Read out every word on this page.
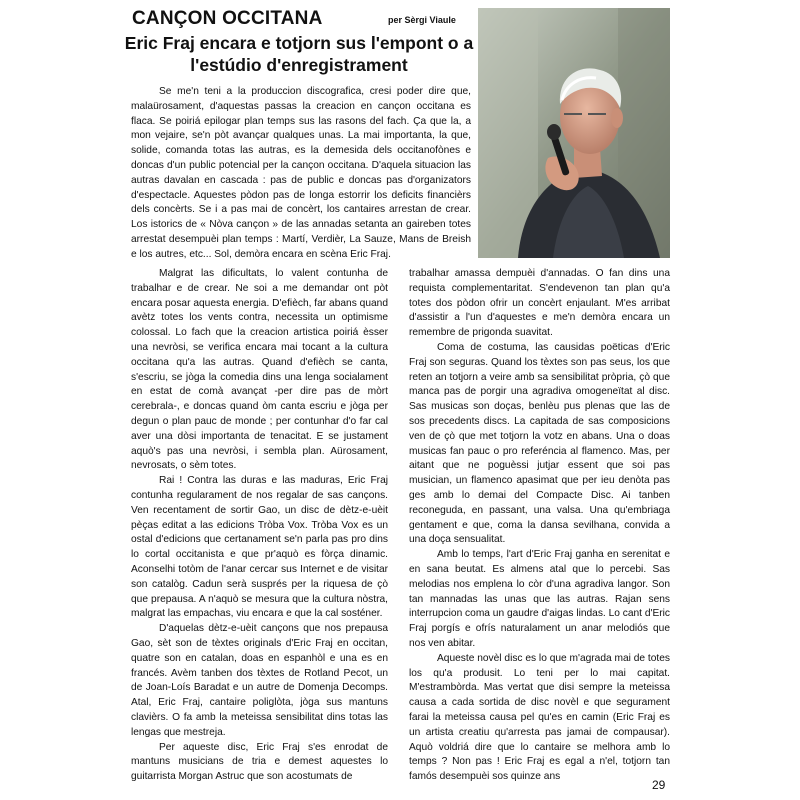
CANÇON OCCITANA	per Sèrgi Viaule
Eric Fraj encara e totjorn sus l'empont o a l'estúdio d'enregistrament

Se me'n teni a la produccion discografica, cresi poder dire que, malaürosament, d'aquestas passas la creacion en cançon occitana es flaca. Se poiriá epilogar plan temps sus las rasons del fach. Ça que la, a mon vejaire, se'n pòt avançar qualques unas. La mai importanta, la que, solide, comanda totas las autras, es la demesida dels occitanofònes e doncas d'un public potencial per la cançon occitana. D'aquela situacion las autras davalan en cascada : pas de public e doncas pas d'organizators d'espectacle. Aquestes pòdon pas de longa estorrir los deficits financièrs dels concèrts. Se i a pas mai de concèrt, los cantaires arrestan de crear. Los istorics de « Nòva cançon » de las annadas setanta an gaireben totes arrestat desempuèi plan temps : Martí, Verdièr, La Sauze, Mans de Breish e los autres, etc... Sol, demòra encara en scèna Eric Fraj.

Malgrat las dificultats, lo valent contunha de trabalhar e de crear. Ne soi a me demandar ont pòt encara posar aquesta energia. D'efièch, far abans quand avètz totes los vents contra, necessita un optimisme colossal. Lo fach que la creacion artistica poiriá èsser una nevròsi, se verifica encara mai tocant a la cultura occitana qu'a las autras. Quand d'efièch se canta, s'escriu, se jòga la comedia dins una lenga socialament en estat de comà avançat -per dire pas de mòrt cerebrala-, e doncas quand òm canta escriu e jòga per degun o plan pauc de monde ; per contunhar d'o far cal aver una dòsi importanta de tenacitat. E se justament aquò's pas una nevròsi, i sembla plan. Aürosament, nevrosats, o sèm totes.

Rai ! Contra las duras e las maduras, Eric Fraj contunha regularament de nos regalar de sas cançons. Ven recentament de sortir Gao, un disc de dètz-e-uèit pèças editat a las edicions Tròba Vox. Tròba Vox es un ostal d'edicions que certanament se'n parla pas pro dins lo cortal occitanista e que pr'aquò es fòrça dinamic. Aconselhi totòm de l'anar cercar sus Internet e de visitar son catalòg. Cadun serà susprés per la riquesa de çò que prepausa. A n'aquò se mesura que la cultura nòstra, malgrat las empachas, viu encara e que la cal sosténer.

D'aquelas dètz-e-uèit cançons que nos prepausa Gao, sèt son de tèxtes originals d'Eric Fraj en occitan, quatre son en catalan, doas en espanhòl e una es en francés. Avèm tanben dos tèxtes de Rotland Pecot, un de Joan-Loís Baradat e un autre de Domenja Decomps. Atal, Eric Fraj, cantaire poliglòta, jòga sus mantuns clavièrs. O fa amb la meteissa sensibilitat dins totas las lengas que mestreja.

Per aqueste disc, Eric Fraj s'es enrodat de mantuns musicians de tria e demest aquestes lo guitarrista Morgan Astruc que son acostumats de

trabalhar amassa dempuèi d'annadas. O fan dins una requista complementaritat. S'endevenon tan plan qu'a totes dos pòdon ofrir un concèrt enjaulant. M'es arribat d'assistir a l'un d'aquestes e me'n demòra encara un remembre de prigonda suavitat.

Coma de costuma, las causidas poëticas d'Eric Fraj son seguras. Quand los tèxtes son pas seus, los que reten an totjorn a veire amb sa sensibilitat pròpria, çò que manca pas de porgir una agradiva omogeneïtat al disc. Sas musicas son doças, benlèu pus plenas que las de sos precedents discs. La capitada de sas composicions ven de çò que met totjorn la votz en abans. Una o doas musicas fan pauc o pro referéncia al flamenco. Mas, per aitant que ne poguèssi jutjar essent que soi pas musician, un flamenco apasimat que per ieu denòta pas ges amb lo demai del Compacte Disc. Ai tanben reconeguda, en passant, una valsa. Una qu'embriaga gentament e que, coma la dansa sevilhana, convida a una doça sensualitat.

Amb lo temps, l'art d'Eric Fraj ganha en serenitat e en sana beutat. Es almens atal que lo percebi. Sas melodias nos emplena lo còr d'una agradiva langor. Son tan mannadas las unas que las autras. Rajan sens interrupcion coma un gaudre d'aigas lindas. Lo cant d'Eric Fraj porgís e ofrís naturalament un anar melodiós que nos ven abitar.

Aqueste novèl disc es lo que m'agrada mai de totes los qu'a produsit. Lo teni per lo mai capitat. M'estrambòrda. Mas vertat que disi sempre la meteissa causa a cada sortida de disc novèl e que segurament farai la meteissa causa pel qu'es en camin (Eric Fraj es un artista creatiu qu'arresta pas jamai de compausar). Aquò voldriá dire que lo cantaire se melhora amb lo temps ? Non pas ! Eric Fraj es egal a n'el, totjorn tan famós desempuèi sos quinze ans

29
